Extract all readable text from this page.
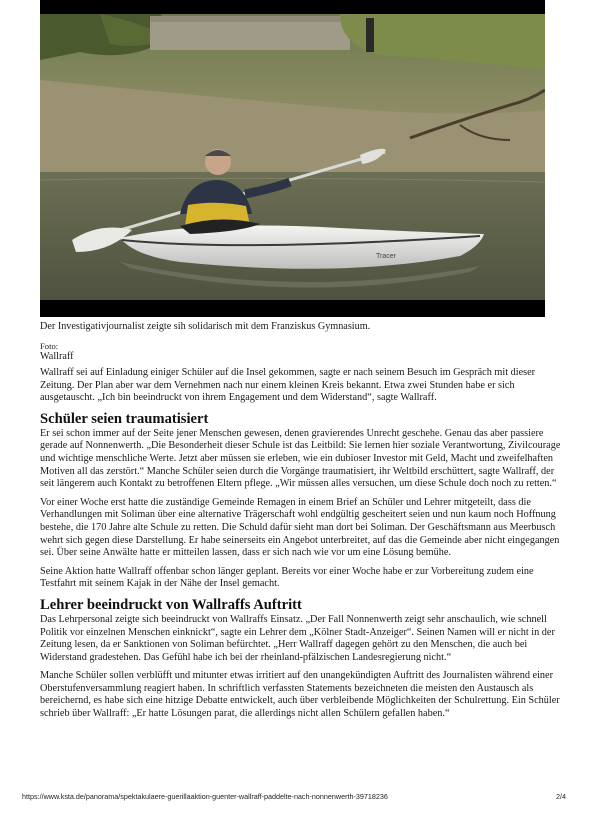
Tracer
Der Investigativjournalist zeigte sih solidarisch mit dem Franziskus Gymnasium.
Foto:
Wallraff

Wallraff sei auf Einladung einiger Schüler auf die Insel gekommen, sagte er nach seinem Besuch im Gespräch mit dieser Zeitung. Der Plan aber war dem Vernehmen nach nur einem kleinen Kreis bekannt. Etwa zwei Stunden habe er sich ausgetauscht. „Ich bin beeindruckt von ihrem Engagement und dem Widerstand“, sagte Wallraff.

Schüler seien traumatisiert

Er sei schon immer auf der Seite jener Menschen gewesen, denen gravierendes Unrecht geschehe. Genau das aber passiere gerade auf Nonnenwerth. „Die Besonderheit dieser Schule ist das Leitbild: Sie lernen hier soziale Verantwortung, Zivilcourage und wichtige menschliche Werte. Jetzt aber müssen sie erleben, wie ein dubioser Investor mit Geld, Macht und zweifelhaften Motiven all das zerstört.“ Manche Schüler seien durch die Vorgänge traumatisiert, ihr Weltbild erschüttert, sagte Wallraff, der seit längerem auch Kontakt zu betroffenen Eltern pflege. „Wir müssen alles versuchen, um diese Schule doch noch zu retten.“

Vor einer Woche erst hatte die zuständige Gemeinde Remagen in einem Brief an Schüler und Lehrer mitgeteilt, dass die Verhandlungen mit Soliman über eine alternative Trägerschaft wohl endgültig gescheitert seien und nun kaum noch Hoffnung bestehe, die 170 Jahre alte Schule zu retten. Die Schuld dafür sieht man dort bei Soliman. Der Geschäftsmann aus Meerbusch wehrt sich gegen diese Darstellung. Er habe seinerseits ein Angebot unterbreitet, auf das die Gemeinde aber nicht eingegangen sei. Über seine Anwälte hatte er mitteilen lassen, dass er sich nach wie vor um eine Lösung bemühe.

Seine Aktion hatte Wallraff offenbar schon länger geplant. Bereits vor einer Woche habe er zur Vorbereitung zudem eine Testfahrt mit seinem Kajak in der Nähe der Insel gemacht.

Lehrer beeindruckt von Wallraffs Auftritt

Das Lehrpersonal zeigte sich beeindruckt von Wallraffs Einsatz. „Der Fall Nonnenwerth zeigt sehr anschaulich, wie schnell Politik vor einzelnen Menschen einknickt“, sagte ein Lehrer dem „Kölner Stadt-Anzeiger“. Seinen Namen will er nicht in der Zeitung lesen, da er Sanktionen von Soliman befürchtet. „Herr Wallraff dagegen gehört zu den Menschen, die auch bei Widerstand gradestehen. Das Gefühl habe ich bei der rheinland-pfälzischen Landesregierung nicht.“

Manche Schüler sollen verblüfft und mitunter etwas irritiert auf den unangekündigten Auftritt des Journalisten während einer Oberstufenversammlung reagiert haben. In schriftlich verfassten Statements bezeichneten die meisten den Austausch als bereichernd, es habe sich eine hitzige Debatte entwickelt, auch über verbleibende Möglichkeiten der Schulrettung. Ein Schüler schrieb über Wallraff: „Er hatte Lösungen parat, die allerdings nicht allen Schülern gefallen haben.“

https://www.ksta.de/panorama/spektakulaere-guerillaaktion-guenter-wallraff-paddelte-nach-nonnenwerth-39718236	2/4
